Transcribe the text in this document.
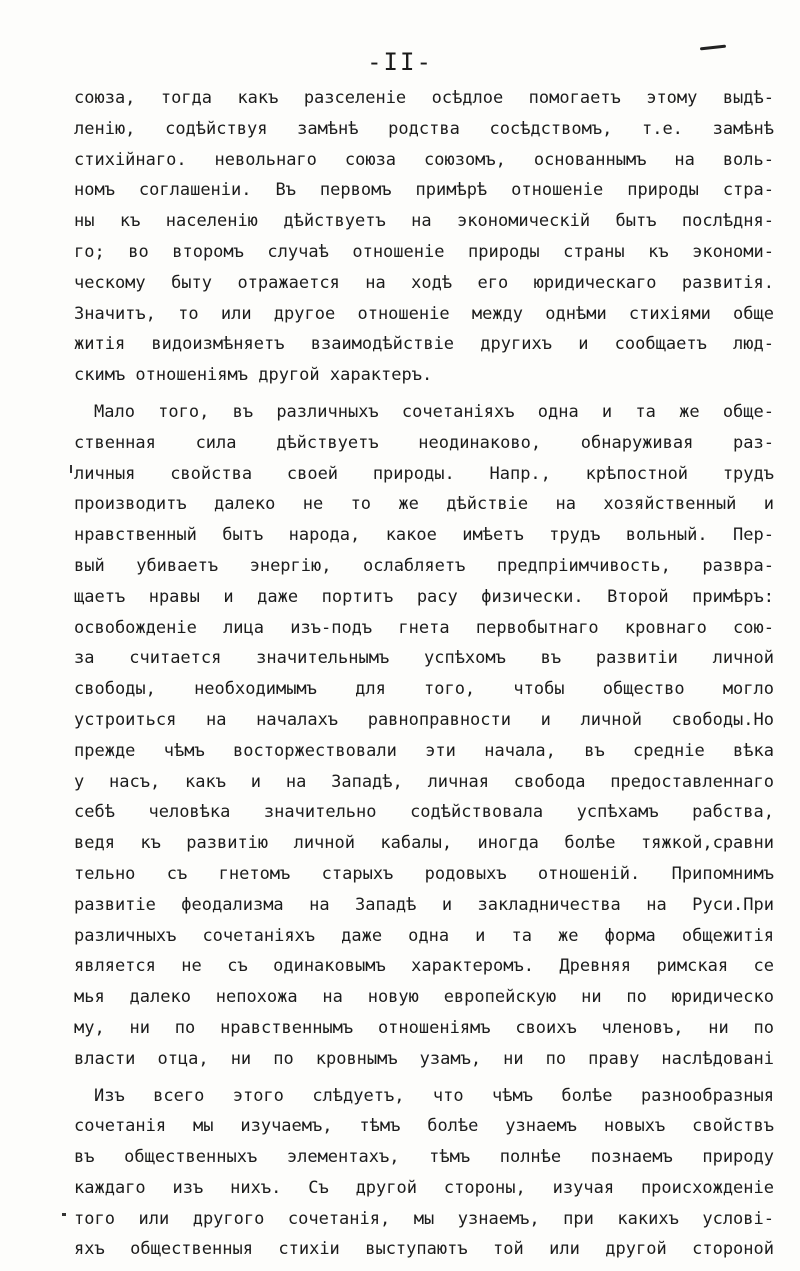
-II-
союза, тогда какъ разселеніе осѣдлое помогаетъ этому выдѣ-
ленію, содѣйствуя замѣнѣ родства сосѣдствомъ, т.е. замѣнѣ
стихійнаго. невольнаго союза союзомъ, основаннымъ на воль-
номъ соглашеніи. Въ первомъ примѣрѣ отношеніе природы стра-
ны къ населенію дѣйствуетъ на экономическій бытъ послѣдня-
го; во второмъ случаѣ отношеніе природы страны къ экономи-
ческому быту отражается на ходѣ его юридическаго развитія.
Значитъ, то или другое отношеніе между однѣми стихіями обще
житія видоизмѣняетъ взаимодѣйствіе другихъ и сообщаетъ люд-
скимъ отношеніямъ другой характеръ.
Мало того, въ различныхъ сочетаніяхъ одна и та же обще-
ственная сила дѣйствуетъ неодинаково, обнаруживая раз-
личныя свойства своей природы. Напр., крѣпостной трудъ
производитъ далеко не то же дѣйствіе на хозяйственный и
нравственный бытъ народа, какое имѣетъ трудъ вольный. Пер-
вый убиваетъ энергію, ослабляетъ предпріимчивость, развра-
щаетъ нравы и даже портитъ расу физически. Второй примѣръ:
освобожденіе лица изъ-подъ гнета первобытнаго кровнаго сою-
за считается значительнымъ успѣхомъ въ развитіи личной
свободы, необходимымъ для того, чтобы общество могло
устроиться на началахъ равноправности и личной свободы.Но
прежде чѣмъ восторжествовали эти начала, въ средніе вѣка
у насъ, какъ и на Западѣ, личная свобода предоставленнаго
себѣ человѣка значительно содѣйствовала успѣхамъ рабства,
ведя къ развитію личной кабалы, иногда болѣе тяжкой,сравни
тельно съ гнетомъ старыхъ родовыхъ отношеній. Припомнимъ
развитіе феодализма на Западѣ и закладничества на Руси.При
различныхъ сочетаніяхъ даже одна и та же форма общежитія
является не съ одинаковымъ характеромъ. Древняя римская се
мья далеко непохожа на новую европейскую ни по юридическо
му, ни по нравственнымъ отношеніямъ своихъ членовъ, ни по
власти отца, ни по кровнымъ узамъ, ни по праву наслѣдовані
Изъ всего этого слѣдуетъ, что чѣмъ болѣе разнообразныя
сочетанія мы изучаемъ, тѣмъ болѣе узнаемъ новыхъ свойствъ
въ общественныхъ элементахъ, тѣмъ полнѣе познаемъ природу
каждаго изъ нихъ. Съ другой стороны, изучая происхожденіе
того или другого сочетанія, мы узнаемъ, при какихъ услові-
яхъ общественныя стихіи выступаютъ той или другой стороной
